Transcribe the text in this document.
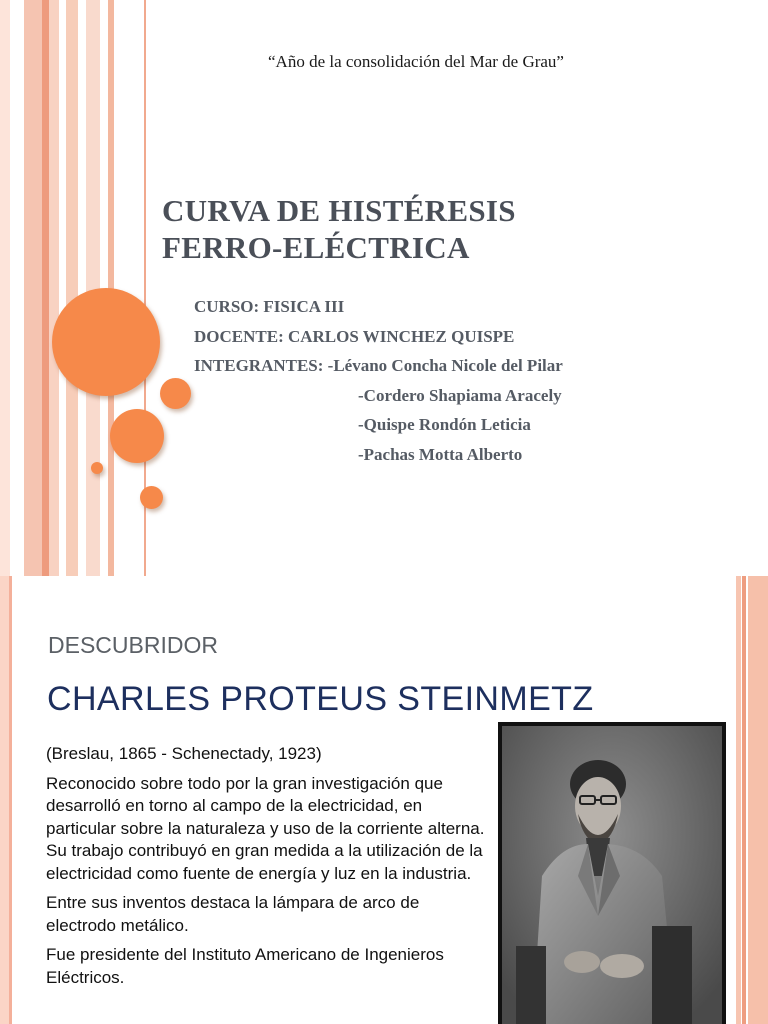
“Año de la consolidación del Mar de Grau”
CURVA DE HISTÉRESIS
FERRO-ELÉCTRICA
CURSO: FISICA III
DOCENTE: CARLOS WINCHEZ QUISPE
INTEGRANTES: -Lévano Concha Nicole del Pilar
-Cordero Shapiama Aracely
-Quispe Rondón Leticia
-Pachas Motta Alberto
DESCUBRIDOR
CHARLES PROTEUS STEINMETZ

(Breslau, 1865 - Schenectady, 1923)

Reconocido sobre todo por la gran investigación que desarrolló en torno al campo de la electricidad, en particular sobre la naturaleza y uso de la corriente alterna. Su trabajo contribuyó en gran medida a la utilización de la electricidad como fuente de energía y luz en la industria.

Entre sus inventos destaca la lámpara de arco de electrodo metálico.

Fue presidente del Instituto Americano de Ingenieros Eléctricos.
